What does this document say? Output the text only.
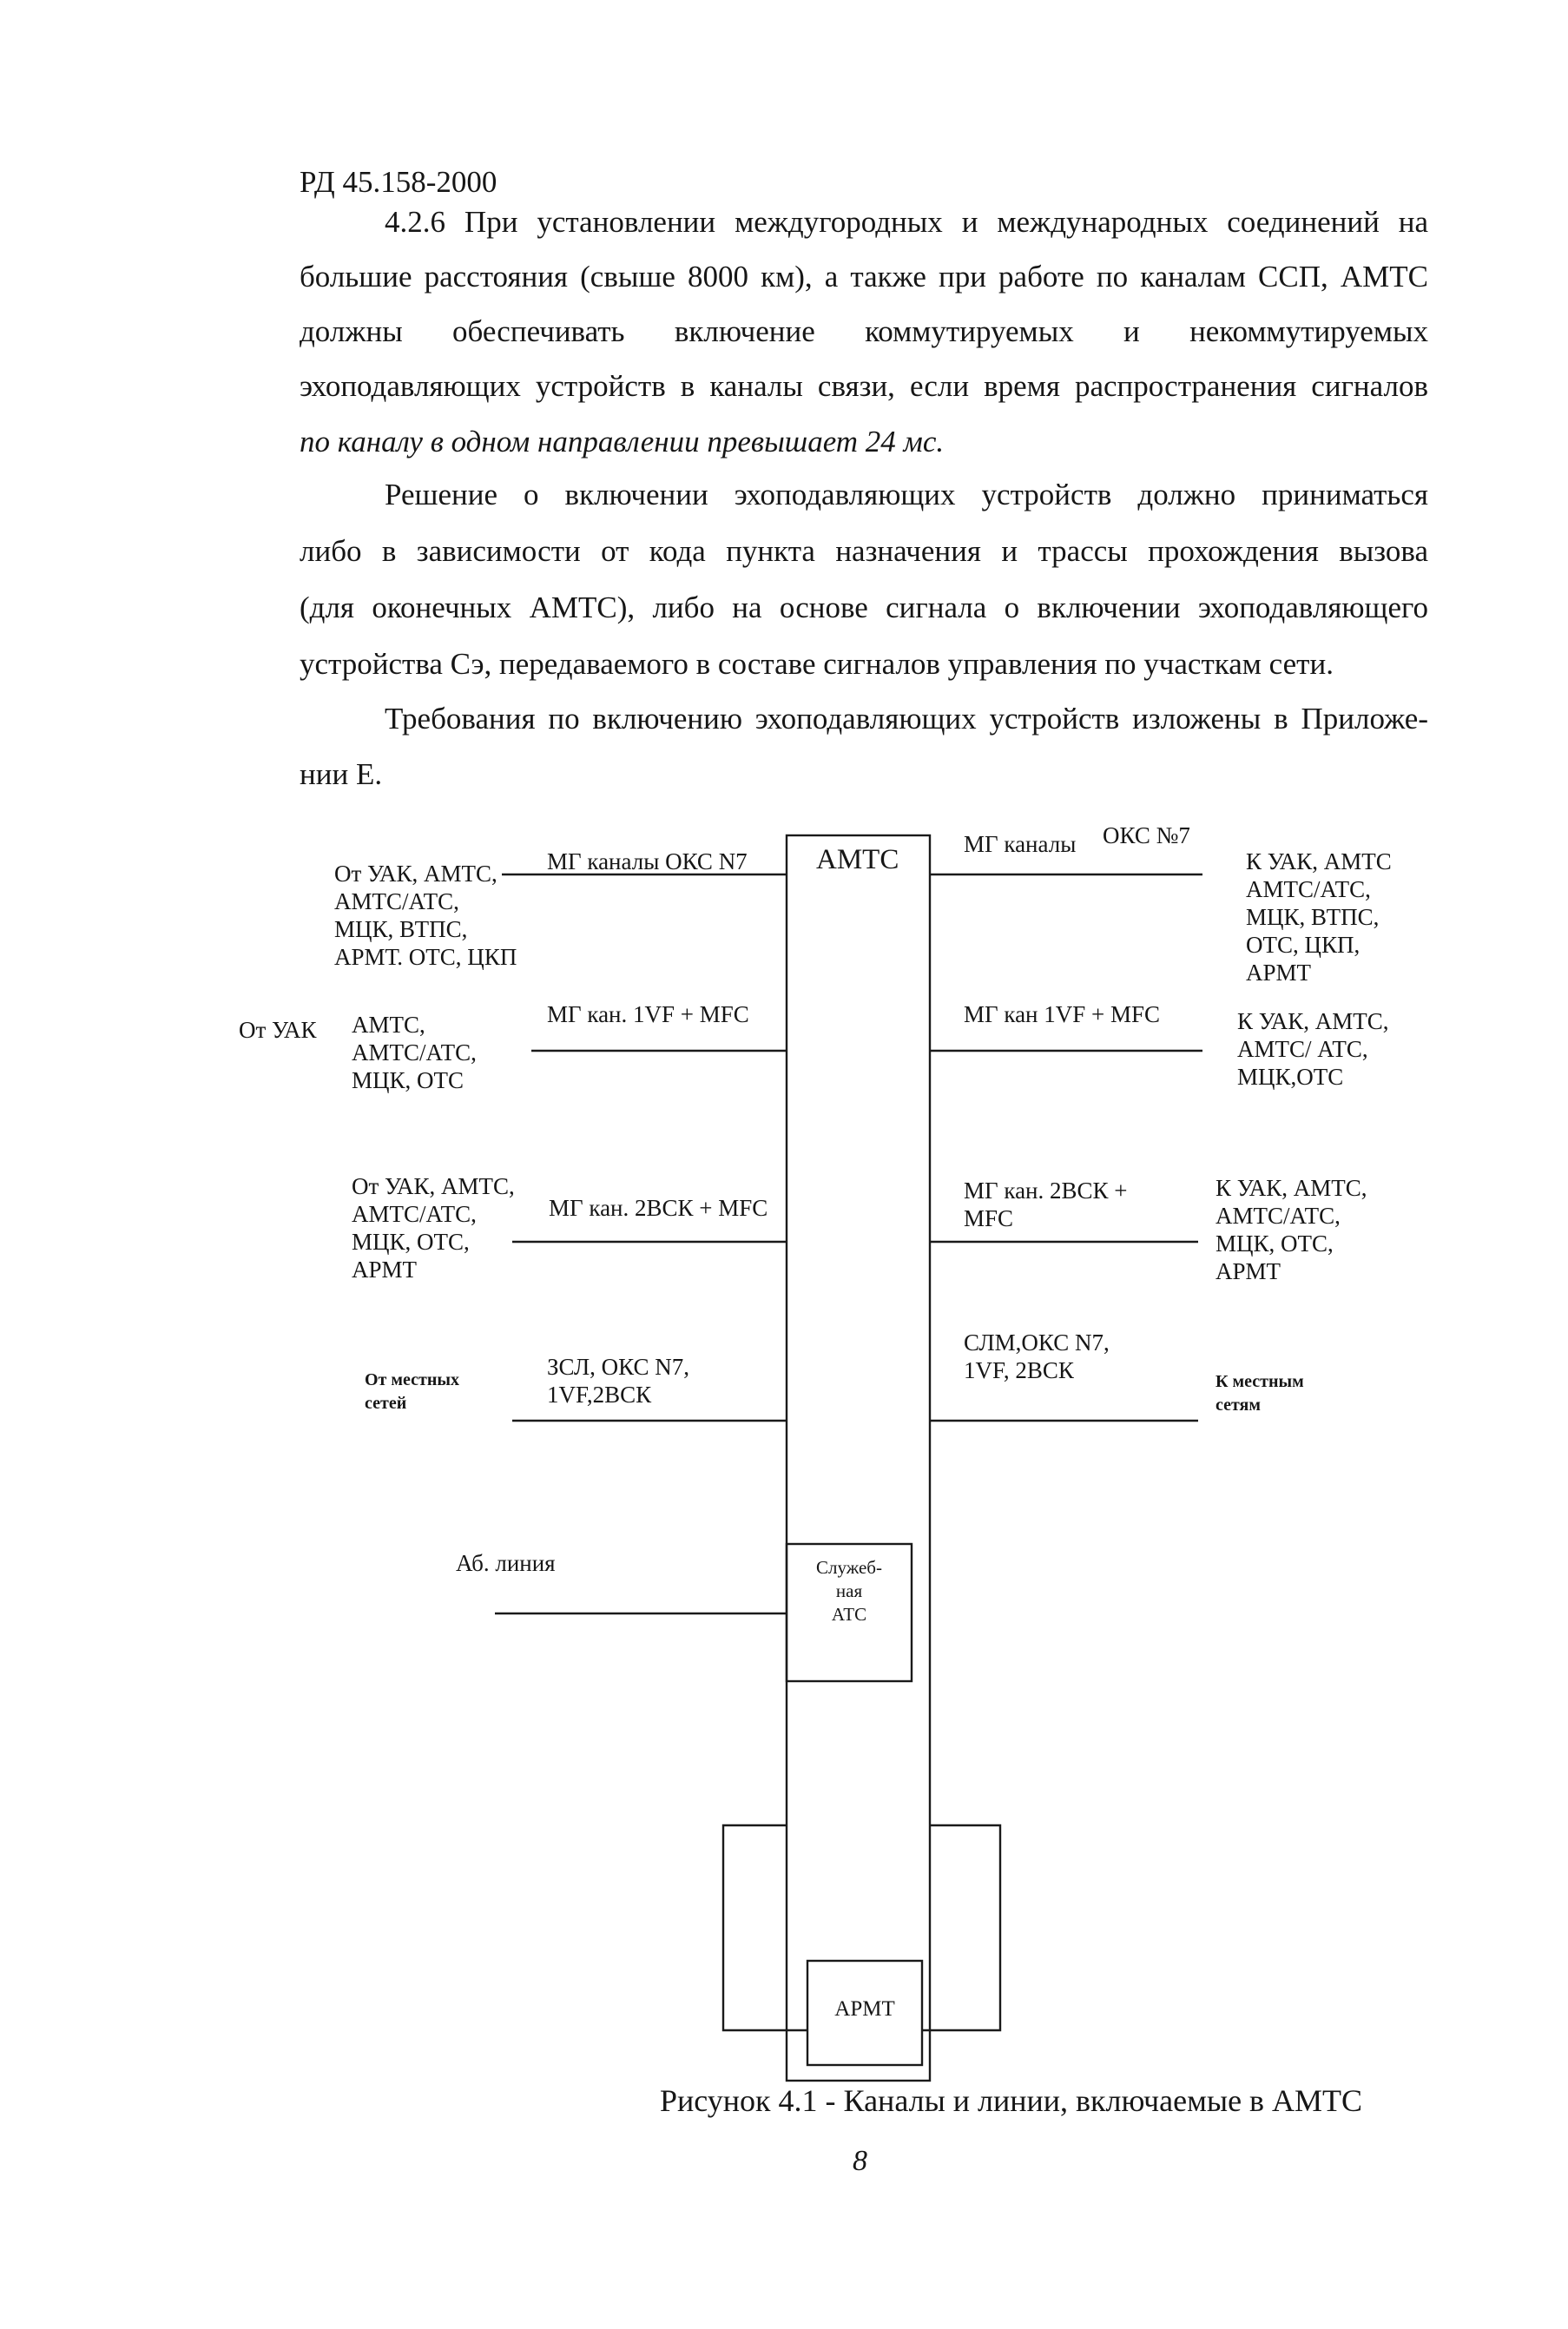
РД 45.158-2000
4.2.6 При установлении междугородных и международных соединений на
большие расстояния (свыше 8000 км), а также при работе по каналам ССП, АМТС
должны обеспечивать включение коммутируемых и некоммутируемых
эхоподавляющих устройств в каналы связи, если время распространения сигналов
по каналу в одном направлении превышает 24 мс.
Решение о включении эхоподавляющих устройств должно приниматься
либо в зависимости от кода пункта назначения и трассы прохождения вызова
(для оконечных АМТС), либо на основе сигнала о включении эхоподавляющего
устройства Сэ, передаваемого в составе сигналов управления по участкам сети.
Требования по включению эхоподавляющих устройств изложены в Приложе-
нии Е.
АМТС
Служеб-
ная
АТС
АРМТ
От УАК, АМТС,
АМТС/АТС,
МЦК, ВТПС,
АРМТ. ОТС, ЦКП
МГ каналы ОКС N7
МГ каналы ОКС №7
К УАК, АМТС
АМТС/АТС,
МЦК, ВТПС,
ОТС, ЦКП,
АРМТ
От УАК АМТС,
АМТС/АТС,
МЦК, ОТС
МГ кан. 1VF + MFC	МГ кан 1VF + MFC	К УАК, АМТС,
АМТС/ АТС,
МЦК,ОТС
От УАК, АМТС,
АМТС/АТС,
МЦК, ОТС,
АРМТ
МГ кан. 2ВСК + MFC
МГ кан. 2ВСК +
MFC
К УАК, АМТС,
АМТС/АТС,
МЦК, ОТС,
АРМТ
От местных
сетей
ЗСЛ, ОКС N7,
1VF,2ВСК
СЛМ,ОКС N7,
1VF, 2ВСК	К местным
сетям
Аб. линия
Рисунок 4.1 - Каналы и линии, включаемые в АМТС
8
